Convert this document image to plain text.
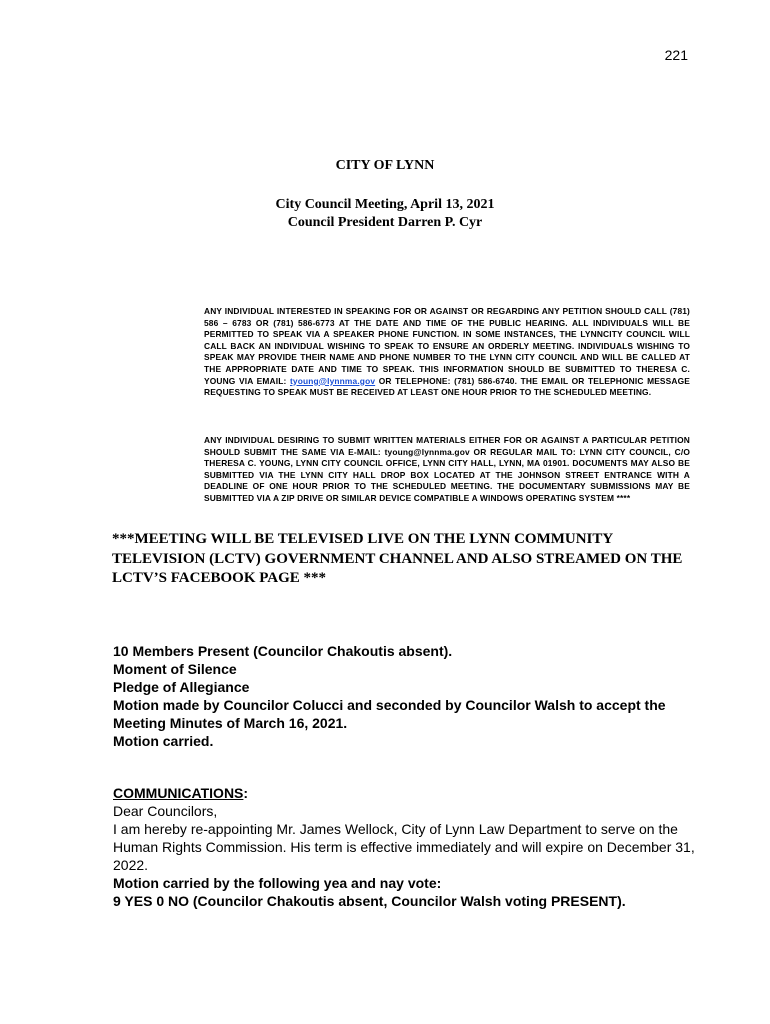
221
CITY OF LYNN
City Council Meeting, April 13, 2021
Council President Darren P. Cyr
ANY INDIVIDUAL INTERESTED IN SPEAKING FOR OR AGAINST OR REGARDING ANY PETITION SHOULD CALL (781) 586 – 6783 OR (781) 586-6773 AT THE DATE AND TIME OF THE PUBLIC HEARING. ALL INDIVIDUALS WILL BE PERMITTED TO SPEAK VIA A SPEAKER PHONE FUNCTION. IN SOME INSTANCES, THE LYNNCITY COUNCIL WILL CALL BACK AN INDIVIDUAL WISHING TO SPEAK TO ENSURE AN ORDERLY MEETING. INDIVIDUALS WISHING TO SPEAK MAY PROVIDE THEIR NAME AND PHONE NUMBER TO THE LYNN CITY COUNCIL AND WILL BE CALLED AT THE APPROPRIATE DATE AND TIME TO SPEAK. THIS INFORMATION SHOULD BE SUBMITTED TO THERESA C. YOUNG VIA EMAIL: tyoung@lynnma.gov OR TELEPHONE: (781) 586-6740. THE EMAIL OR TELEPHONIC MESSAGE REQUESTING TO SPEAK MUST BE RECEIVED AT LEAST ONE HOUR PRIOR TO THE SCHEDULED MEETING.
ANY INDIVIDUAL DESIRING TO SUBMIT WRITTEN MATERIALS EITHER FOR OR AGAINST A PARTICULAR PETITION SHOULD SUBMIT THE SAME VIA E-MAIL: tyoung@lynnma.gov OR REGULAR MAIL TO: LYNN CITY COUNCIL, C/O THERESA C. YOUNG, LYNN CITY COUNCIL OFFICE, LYNN CITY HALL, LYNN, MA 01901. DOCUMENTS MAY ALSO BE SUBMITTED VIA THE LYNN CITY HALL DROP BOX LOCATED AT THE JOHNSON STREET ENTRANCE WITH A DEADLINE OF ONE HOUR PRIOR TO THE SCHEDULED MEETING. THE DOCUMENTARY SUBMISSIONS MAY BE SUBMITTED VIA A ZIP DRIVE OR SIMILAR DEVICE COMPATIBLE A WINDOWS OPERATING SYSTEM ****
***MEETING WILL BE TELEVISED LIVE ON THE LYNN COMMUNITY TELEVISION (LCTV) GOVERNMENT CHANNEL AND ALSO STREAMED ON THE LCTV’S FACEBOOK PAGE ***
10 Members Present (Councilor Chakoutis absent).
Moment of Silence
Pledge of Allegiance
Motion made by Councilor Colucci and seconded by Councilor Walsh to accept the Meeting Minutes of March 16, 2021.
Motion carried.
COMMUNICATIONS:
Dear Councilors,
I am hereby re-appointing Mr. James Wellock, City of Lynn Law Department to serve on the Human Rights Commission. His term is effective immediately and will expire on December 31, 2022.
Motion carried by the following yea and nay vote:
9 YES 0 NO (Councilor Chakoutis absent, Councilor Walsh voting PRESENT).
